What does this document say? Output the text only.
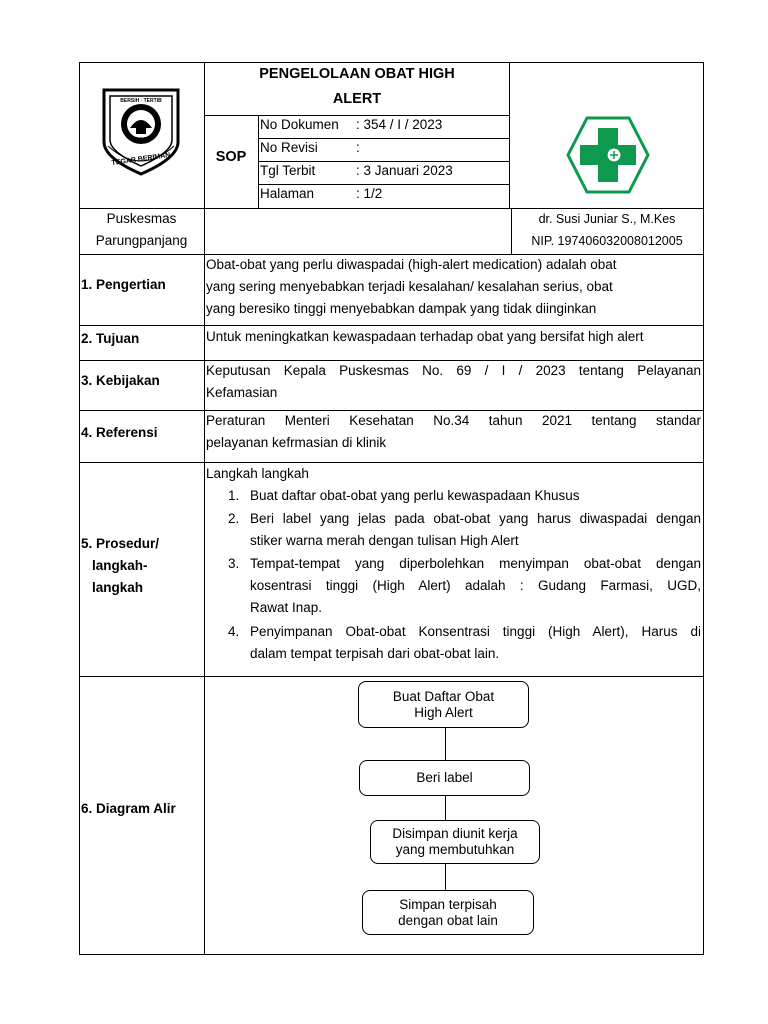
BERSIH · TERTIB
BOGOR
TEGAR BERIMAN
PENGELOLAAN OBAT HIGH
ALERT
SOP
No Dokumen : 354 / I / 2023
No Revisi	:
Tgl Terbit	: 3 Januari 2023
Halaman	: 1/2
Puskesmas
Parungpanjang
dr. Susi Juniar S., M.Kes
NIP. 197406032008012005
1. Pengertian
Obat-obat yang perlu diwaspadai (high-alert medication) adalah obat
yang sering menyebabkan terjadi kesalahan/ kesalahan serius, obat
yang beresiko tinggi menyebabkan dampak yang tidak diinginkan
2. Tujuan	Untuk meningkatkan kewaspadaan terhadap obat yang bersifat high alert
3. Kebijakan
Keputusan Kepala Puskesmas No. 69 / I / 2023 tentang Pelayanan
Kefamasian
4. Referensi
Peraturan Menteri Kesehatan No.34 tahun 2021 tentang standar
pelayanan kefrmasian di klinik
5. Prosedur/
langkah-
langkah
Langkah langkah
1. Buat daftar obat-obat yang perlu kewaspadaan Khusus
2. Beri label yang jelas pada obat-obat yang harus diwaspadai dengan
stiker warna merah dengan tulisan High Alert
3. Tempat-tempat yang diperbolehkan menyimpan obat-obat dengan
kosentrasi tinggi (High Alert) adalah : Gudang Farmasi, UGD,
Rawat Inap.
4. Penyimpanan Obat-obat Konsentrasi tinggi (High Alert), Harus di
dalam tempat terpisah dari obat-obat lain.
6. Diagram Alir
Buat Daftar Obat
High Alert
Beri label
Disimpan diunit kerja
yang membutuhkan
Simpan terpisah
dengan obat lain
